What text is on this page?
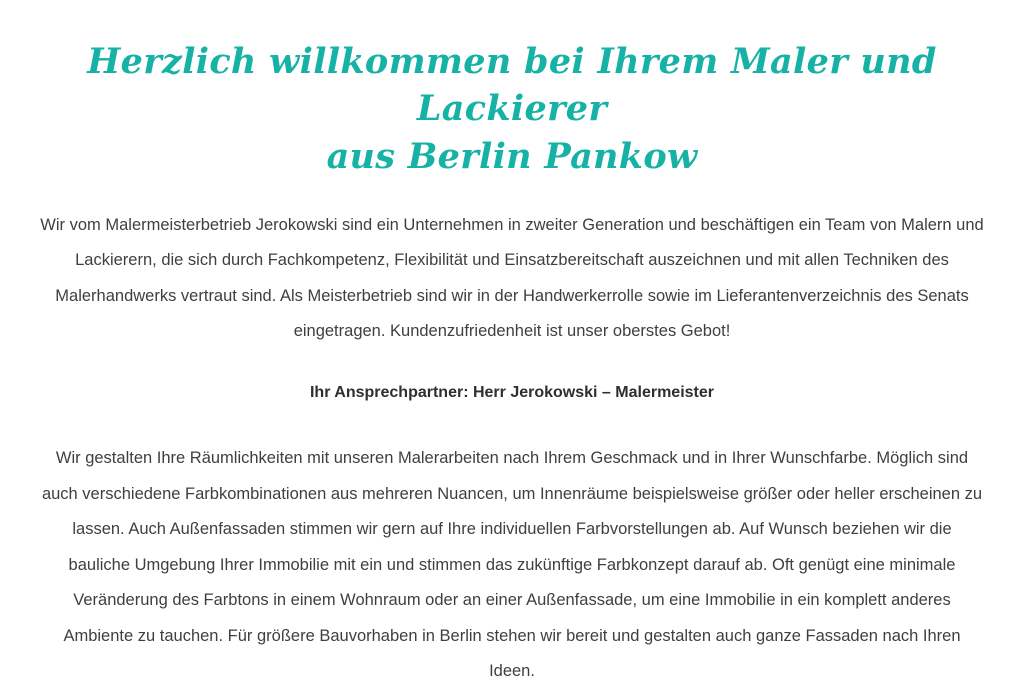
Herzlich willkommen bei Ihrem Maler und Lackierer
aus Berlin Pankow

Wir vom Malermeisterbetrieb Jerokowski sind ein Unternehmen in zweiter Generation und beschäftigen ein Team von Malern und Lackierern, die sich durch Fachkompetenz, Flexibilität und Einsatzbereitschaft auszeichnen und mit allen Techniken des Malerhandwerks vertraut sind. Als Meisterbetrieb sind wir in der Handwerkerrolle sowie im Lieferantenverzeichnis des Senats eingetragen. Kundenzufriedenheit ist unser oberstes Gebot!

Ihr Ansprechpartner: Herr Jerokowski – Malermeister

Wir gestalten Ihre Räumlichkeiten mit unseren Malerarbeiten nach Ihrem Geschmack und in Ihrer Wunschfarbe. Möglich sind auch verschiedene Farbkombinationen aus mehreren Nuancen, um Innenräume beispielsweise größer oder heller erscheinen zu lassen. Auch Außenfassaden stimmen wir gern auf Ihre individuellen Farbvorstellungen ab. Auf Wunsch beziehen wir die bauliche Umgebung Ihrer Immobilie mit ein und stimmen das zukünftige Farbkonzept darauf ab. Oft genügt eine minimale Veränderung des Farbtons in einem Wohnraum oder an einer Außenfassade, um eine Immobilie in ein komplett anderes Ambiente zu tauchen. Für größere Bauvorhaben in Berlin stehen wir bereit und gestalten auch ganze Fassaden nach Ihren Ideen.
